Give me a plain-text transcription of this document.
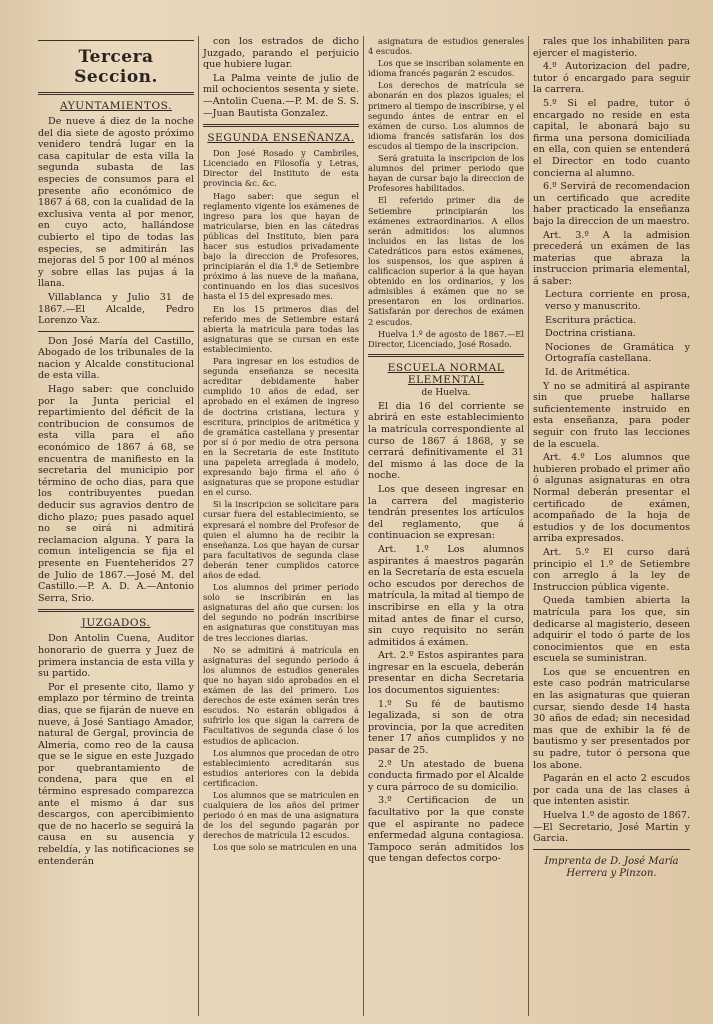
Tercera Seccion.
AYUNTAMIENTOS.

De nueve á diez de la noche del dia siete de agosto próximo venidero tendrá lugar en la casa capitular de esta villa la segunda subasta de las especies de consumos para el presente año económico de 1867 á 68, con la cualidad de la exclusiva venta al por menor, en cuyo acto, hallándose cubierto el tipo de todas las especies, se admitirán las mejoras del 5 por 100 al ménos y sobre ellas las pujas á la llana.

Villablanca y Julio 31 de 1867.—El Alcalde, Pedro Lorenzo Vaz.

Don José María del Castillo, Abogado de los tribunales de la nacion y Alcalde constitucional de esta villa.

Hago saber: que concluido por la Junta pericial el repartimiento del déficit de la contribucion de consumos de esta villa para el año económico de 1867 á 68, se encuentra de manifiesto en la secretaria del municipio por término de ocho dias, para que los contribuyentes puedan deducir sus agravios dentro de dicho plazo; pues pasado aquel no se oirá ni admitirá reclamacion alguna. Y para la comun inteligencia se fija el presente en Fuenteheridos 27 de Julio de 1867.—José M. del Castillo.—P. A. D. A.—Antonio Serra, Srio.

JUZGADOS.

Don Antolin Cuena, Auditor honorario de guerra y Juez de primera instancia de esta villa y su partido.

Por el presente cito, llamo y emplazo por término de treinta dias, que se fijarán de nueve en nueve, á José Santiago Amador, natural de Gergal, provincia de Almeria, como reo de la causa que se le sigue en este Juzgado por quebrantamiento de condena, para que en el término espresado comparezca ante el mismo á dar sus descargos, con apercibimiento que de no hacerlo se seguirá la causa en su ausencia y rebeldía, y las notificaciones se entenderán

con los estrados de dicho Juzgado, parando el perjuicio que hubiere lugar.

La Palma veinte de julio de mil ochocientos sesenta y siete.—Antolin Cuena.—P. M. de S. S.—Juan Bautista Gonzalez.

SEGUNDA ENSEÑANZA.

Don José Rosado y Cambriles, Licenciado en Filosofía y Letras, Director del Instituto de esta provincia &c. &c.

Hago saber: que segun el reglamento vigente los exámenes de ingreso para los que hayan de matricularse, bien en las cátedras públicas del Instituto, bien para hacer sus estudios privadamente bajo la direccion de Profesores, principiarán el dia 1.º de Setiembre próximo á las nueve de la mañana, continuando en los dias sucesivos hasta el 15 del expresado mes.

En los 15 primeros dias del referido mes de Setiembre estará abierta la matricula para todas las asignaturas que se cursan en este establecimiento.

Para ingresar en los estudios de segunda enseñanza se necesita acreditar debidamente haber cumplido 10 años de edad, ser aprobado en el exámen de ingreso de doctrina cristiana, lectura y escritura, principios de aritmética y de gramática castellana y presentar por sí ó por medio de otra persona en la Secretaria de este Instituto una papeleta arreglada á modelo, expresando bajo firma el año ó asignaturas que se propone estudiar en el curso.

Si la inscripcion se solicitare para cursar fuera del establecimiento, se expresará el nombre del Profesor de quien el alumno ha de recibir la enseñanza. Los que hayan de cursar para facultativos de segunda clase deberán tener cumplidos catorce años de edad.

Los alumnos del primer periodo solo se inscribirán en las asignaturas del año que cursen: los del segundo no podrán inscribirse en asignaturas que constituyan mas de tres lecciones diarias.

No se admitirá á matrícula en asignaturas del segundo periodo á los alumnos de estudios generales que no hayan sido aprobados en el exámen de las del primero. Los derechos de este exámen serán tres escudos. No estarán obligados á sufrirlo los que sigan la carrera de Facultativos de segunda clase ó los estudios de aplicacion.

Los alumnos que procedan de otro establecimiento acreditarán sus estudios anteriores con la debida certificacion.

Los alumnos que se matriculen en cualquiera de los años del primer periodo ó en mas de una asignatura de los del segundo pagarán por derechos de matrícula 12 escudos.

Los que solo se matriculen en una

asignatura de estudios generales 4 escudos.

Los que se inscriban solamente en idioma francés pagarán 2 escudos.

Los derechos de matrícula se abonarán en dos plazos iguales; el primero al tiempo de inscribirse, y el segundo ántes de entrar en el exámen de curso. Los alumnos de idioma francés satisfarán los dos escudos al tiempo de la inscripcion.

Será gratuita la inscripcion de los alumnos del primer periodo que hayan de cursar bajo la direccion de Profesores habilitados.

El referido primer dia de Setiembre principiarán los exámenes extraordinarios. A ellos serán admitidos: los alumnos incluidos en las listas de los Catedráticos para estos exámenes, los suspensos, los que aspiren á calificacion superior á la que hayan obtenido en los ordinarios, y los admisibles á exámen que no se presentaron en los ordinarios. Satisfarán por derechos de exámen 2 escudos.

Huelva 1.º de agosto de 1867.—El Director, Licenciado, José Rosado.

ESCUELA NORMAL ELEMENTAL
de Huelva.

El dia 16 del corriente se abrirá en este establecimiento la matrícula correspondiente al curso de 1867 á 1868, y se cerrará definitivamente el 31 del mismo á las doce de la noche.

Los que deseen ingresar en la carrera del magisterio tendrán presentes los artículos del reglamento, que á continuacion se expresan:

Art. 1.º Los alumnos aspirantes á maestros pagarán en la Secretaría de esta escuela ocho escudos por derechos de matrícula, la mitad al tiempo de inscribirse en ella y la otra mitad antes de finar el curso, sin cuyo requisito no serán admitidos á exámen.

Art. 2.º Estos aspirantes para ingresar en la escuela, deberán presentar en dicha Secretaria los documentos siguientes:

1.º Su fé de bautismo legalizada, si son de otra provincia, por la que acrediten tener 17 años cumplidos y no pasar de 25.

2.º Un atestado de buena conducta firmado por el Alcalde y cura párroco de su domicilio.

3.º Certificacion de un facultativo por la que conste que el aspirante no padece enfermedad alguna contagiosa. Tampoco serán admitidos los que tengan defectos corpo-

rales que los inhabiliten para ejercer el magisterio.

4.º Autorizacion del padre, tutor ó encargado para seguir la carrera.

5.º Si el padre, tutor ó encargado no reside en esta capital, le abonará bajo su firma una persona domiciliada en ella, con quien se entenderá el Director en todo cuanto concierna al alumno.

6.º Servirá de recomendacion un certificado que acredite haber practicado la enseñanza bajo la direccion de un maestro.

Art. 3.º A la admision precederá un exámen de las materias que abraza la instruccion primaria elemental, á saber:

Lectura corriente en prosa, verso y manuscrito.

Escritura práctica.

Doctrina cristiana.

Nociones de Gramática y Ortografía castellana.

Id. de Aritmética.

Y no se admitirá al aspirante sin que pruebe hallarse suficientemente instruido en esta enseñanza, para poder seguir con fruto las lecciones de la escuela.

Art. 4.º Los alumnos que hubieren probado el primer año ó algunas asignaturas en otra Normal deberán presentar el certificado de exámen, acompañado de la hoja de estudios y de los documentos arriba expresados.

Art. 5.º El curso dará principio el 1.º de Setiembre con arreglo á la ley de Instruccion pública vigente.

Queda tambien abierta la matrícula para los que, sin dedicarse al magisterio, deseen adquirir el todo ó parte de los conocimientos que en esta escuela se suministran.

Los que se encuentren en este caso podrán matricularse en las asignaturas que quieran cursar, siendo desde 14 hasta 30 años de edad; sin necesidad mas que de exhibir la fé de bautismo y ser presentados por su padre, tutor ó persona que los abone.

Pagarán en el acto 2 escudos por cada una de las clases á que intenten asistir.

Huelva 1.º de agosto de 1867.—El Secretario, José Martin y Garcia.

Imprenta de D. José María Herrera y Pinzon.
